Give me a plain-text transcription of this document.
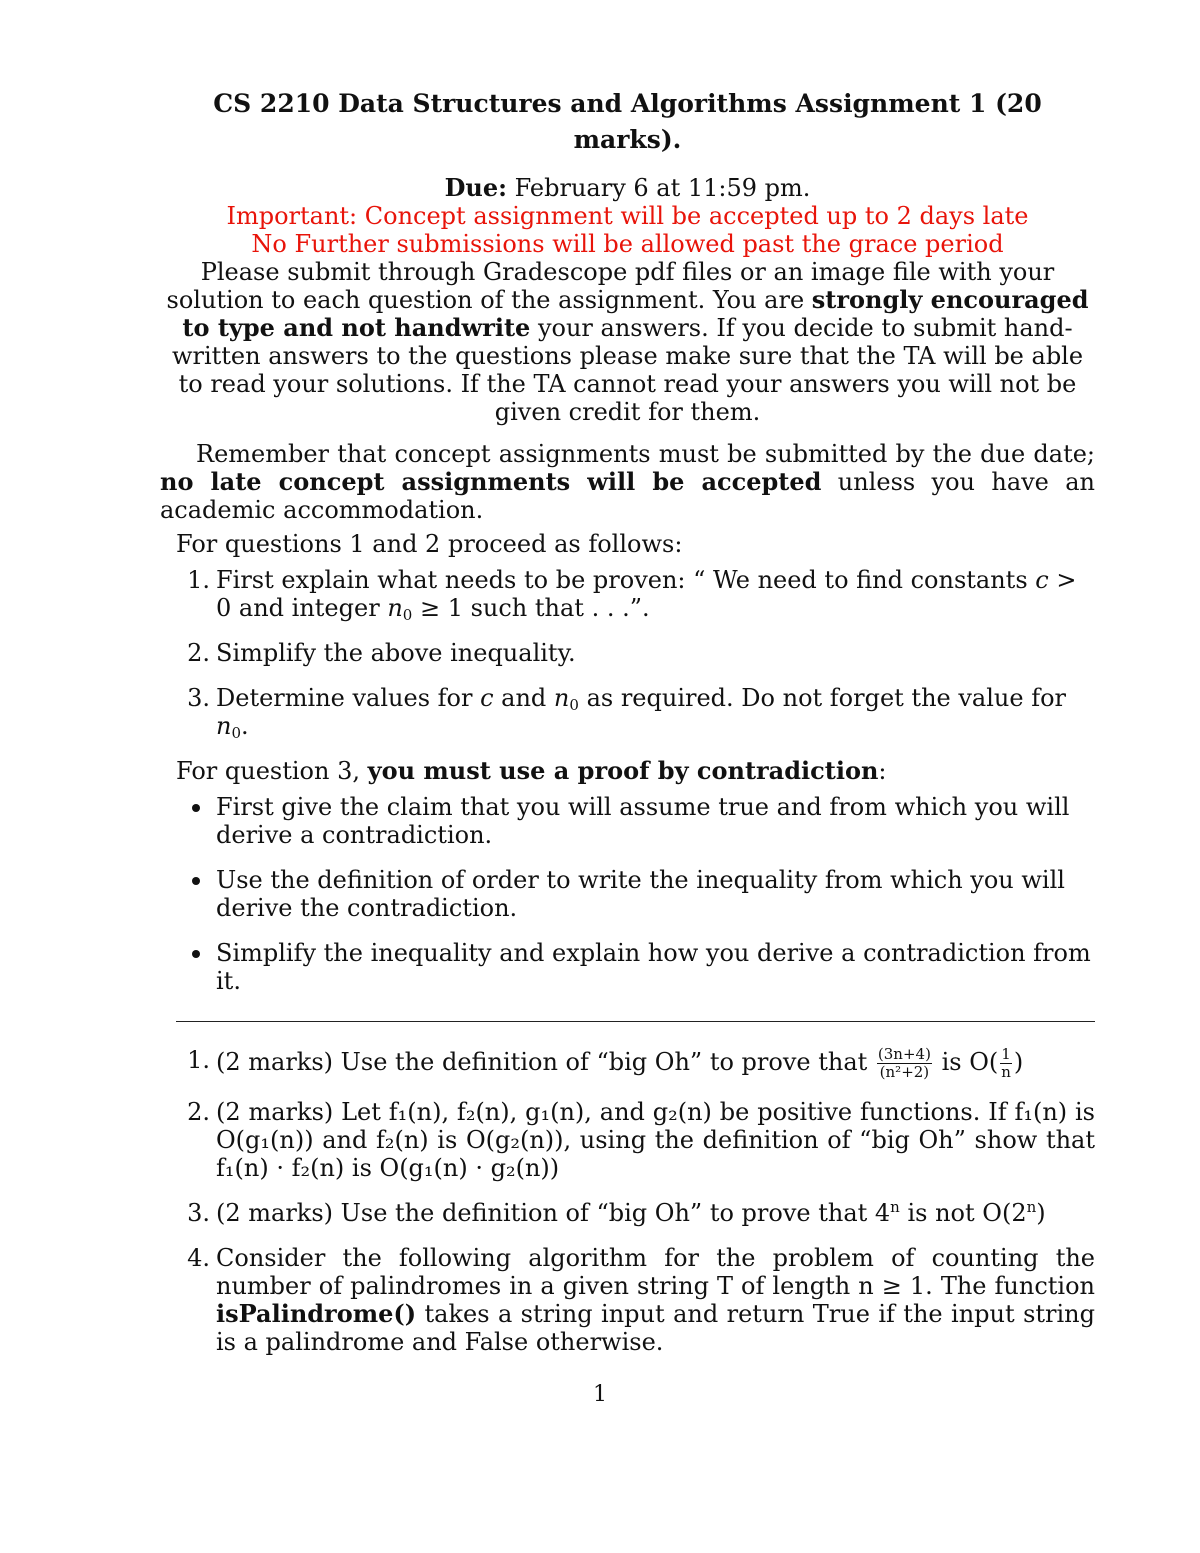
CS 2210 Data Structures and Algorithms Assignment 1 (20 marks).

Due: February 6 at 11:59 pm.

Important: Concept assignment will be accepted up to 2 days late

No Further submissions will be allowed past the grace period

Please submit through Gradescope pdf files or an image file with your solution to each question of the assignment. You are strongly encouraged to type and not handwrite your answers. If you decide to submit hand-written answers to the questions please make sure that the TA will be able to read your solutions. If the TA cannot read your answers you will not be given credit for them.

Remember that concept assignments must be submitted by the due date; no late concept assignments will be accepted unless you have an academic accommodation.

For questions 1 and 2 proceed as follows:

1. First explain what needs to be proven: “ We need to find constants c > 0 and integer $n_0 \ge 1$ such that . . .”.
2. Simplify the above inequality.
3. Determine values for c and $n_0$ as required. Do not forget the value for $n_0$.

For question 3, you must use a proof by contradiction:

First give the claim that you will assume true and from which you will derive a contradiction.
Use the definition of order to write the inequality from which you will derive the contradiction.
Simplify the inequality and explain how you derive a contradiction from it.
1. (2 marks) Use the definition of “big Oh” to prove that $\frac{(3n+4)}{\text{(n²+2)}}$ is $O( \frac{1}{n}$ )
2. (2 marks) Let f₁(n), f₂(n), g₁(n), and g₂(n) be positive functions. If f₁(n) is O(g₁(n)) and f₂(n) is O(g₂(n)), using the definition of “big Oh” show that f₁(n) · f₂(n) is O(g₁(n) · g₂(n))
3. (2 marks) Use the definition of “big Oh” to prove that 4$^n$ is not O(2$^n$)
4. Consider the following algorithm for the problem of counting the number of palindromes in a given string T of length n ≥ 1. The function isPalindrome() takes a string input and return True if the input string is a palindrome and False otherwise.
1
